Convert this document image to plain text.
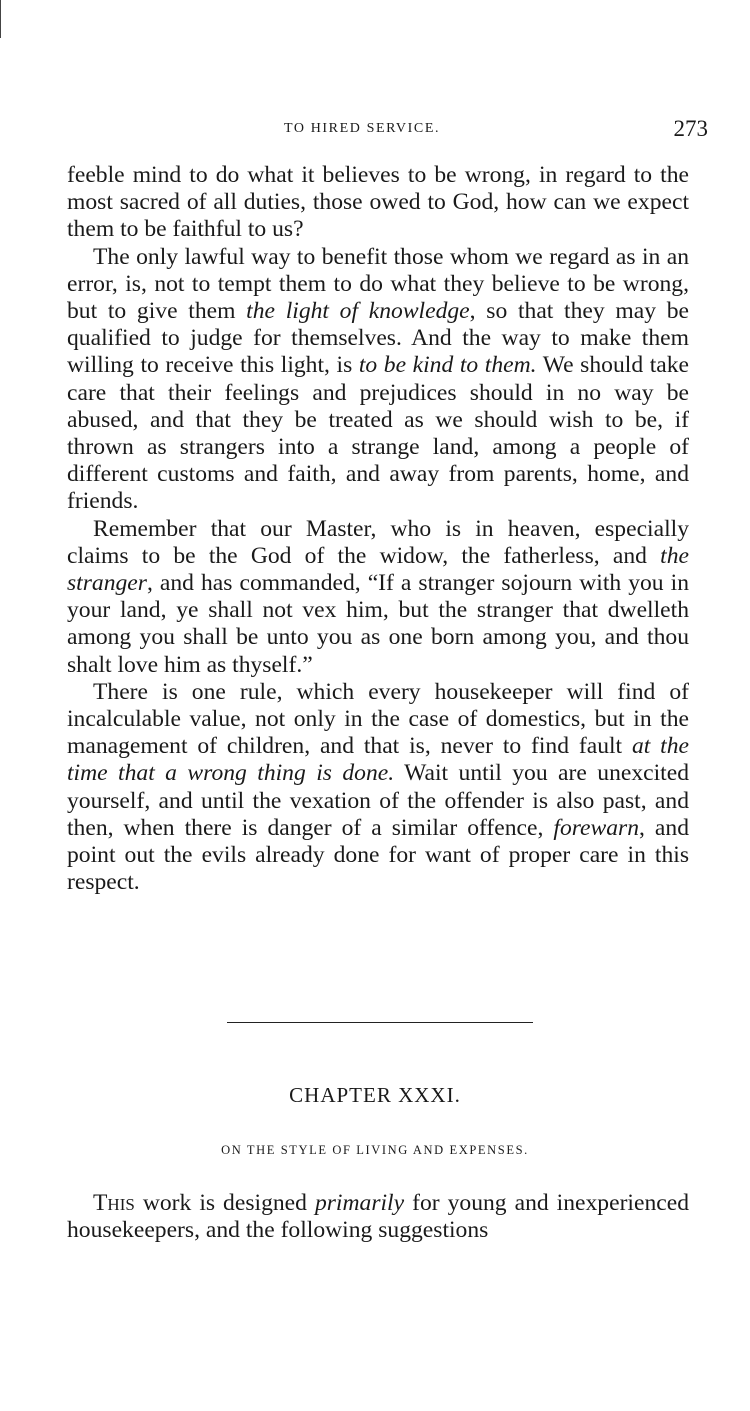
TO HIRED SERVICE.	273

feeble mind to do what it believes to be wrong, in regard to the most sacred of all duties, those owed to God, how can we expect them to be faithful to us?

The only lawful way to benefit those whom we regard as in an error, is, not to tempt them to do what they believe to be wrong, but to give them the light of knowledge, so that they may be qualified to judge for themselves. And the way to make them willing to receive this light, is to be kind to them. We should take care that their feelings and prejudices should in no way be abused, and that they be treated as we should wish to be, if thrown as strangers into a strange land, among a people of different customs and faith, and away from parents, home, and friends.

Remember that our Master, who is in heaven, especially claims to be the God of the widow, the fatherless, and the stranger, and has commanded, “If a stranger sojourn with you in your land, ye shall not vex him, but the stranger that dwelleth among you shall be unto you as one born among you, and thou shalt love him as thyself.”

There is one rule, which every housekeeper will find of incalculable value, not only in the case of domestics, but in the management of children, and that is, never to find fault at the time that a wrong thing is done. Wait until you are unexcited yourself, and until the vexation of the offender is also past, and then, when there is danger of a similar offence, forewarn, and point out the evils already done for want of proper care in this respect.

CHAPTER XXXI.
ON THE STYLE OF LIVING AND EXPENSES.

This work is designed primarily for young and inexperienced housekeepers, and the following suggestions
